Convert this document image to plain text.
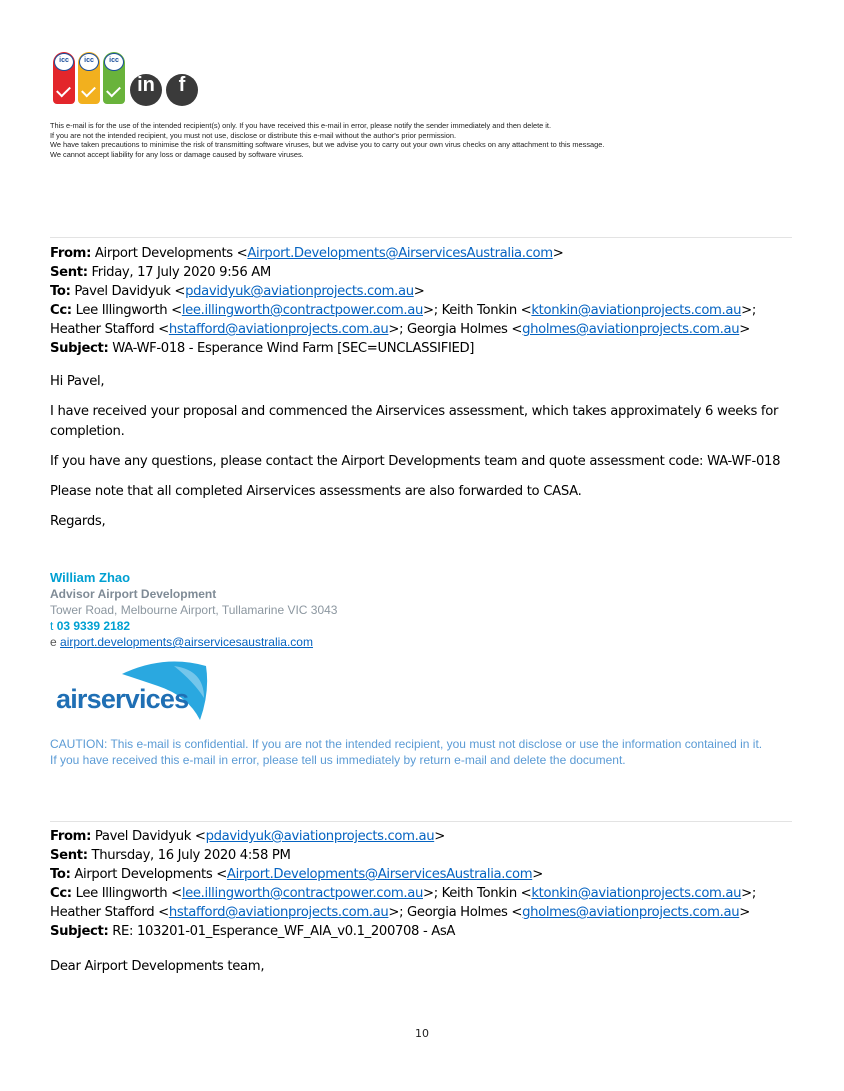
icc	icc	icc
in	f
This e-mail is for the use of the intended recipient(s) only. If you have received this e-mail in error, please notify the sender immediately and then delete it.
If you are not the intended recipient, you must not use, disclose or distribute this e-mail without the author's prior permission.
We have taken precautions to minimise the risk of transmitting software viruses, but we advise you to carry out your own virus checks on any attachment to this message.
We cannot accept liability for any loss or damage caused by software viruses.
From: Airport Developments <Airport.Developments@AirservicesAustralia.com>
Sent: Friday, 17 July 2020 9:56 AM
To: Pavel Davidyuk <pdavidyuk@aviationprojects.com.au>
Cc: Lee Illingworth <lee.illingworth@contractpower.com.au>; Keith Tonkin <ktonkin@aviationprojects.com.au>;
Heather Stafford <hstafford@aviationprojects.com.au>; Georgia Holmes <gholmes@aviationprojects.com.au>
Subject: WA-WF-018 - Esperance Wind Farm [SEC=UNCLASSIFIED]
Hi Pavel,
I have received your proposal and commenced the Airservices assessment, which takes approximately 6 weeks for
completion.
If you have any questions, please contact the Airport Developments team and quote assessment code: WA-WF-018
Please note that all completed Airservices assessments are also forwarded to CASA.
Regards,
William Zhao
Advisor Airport Development
Tower Road, Melbourne Airport, Tullamarine VIC 3043
t 03 9339 2182
e airport.developments@airservicesaustralia.com
airservices
CAUTION: This e-mail is confidential. If you are not the intended recipient, you must not disclose or use the information contained in it.
If you have received this e-mail in error, please tell us immediately by return e-mail and delete the document.
From: Pavel Davidyuk <pdavidyuk@aviationprojects.com.au>
Sent: Thursday, 16 July 2020 4:58 PM
To: Airport Developments <Airport.Developments@AirservicesAustralia.com>
Cc: Lee Illingworth <lee.illingworth@contractpower.com.au>; Keith Tonkin <ktonkin@aviationprojects.com.au>;
Heather Stafford <hstafford@aviationprojects.com.au>; Georgia Holmes <gholmes@aviationprojects.com.au>
Subject: RE: 103201-01_Esperance_WF_AIA_v0.1_200708 - AsA
Dear Airport Developments team,
10
